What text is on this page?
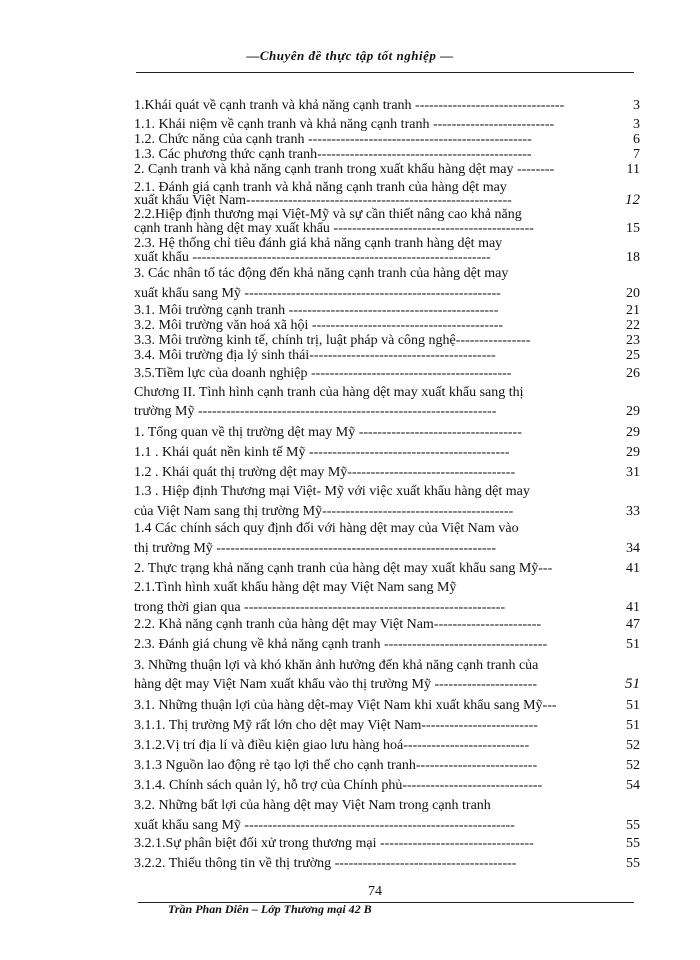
—Chuyên đề thực tập tốt nghiệp —
1.Khái quát về cạnh tranh và khả năng cạnh tranh --------------------------------	3
1.1. Khái niệm về cạnh tranh và khả năng cạnh tranh --------------------------	3
1.2. Chức năng của cạnh tranh ------------------------------------------------	6
1.3. Các phương thức cạnh tranh----------------------------------------------	7
2. Cạnh tranh và khả năng cạnh tranh trong xuất khẩu hàng dệt may --------	11
2.1. Đánh giá cạnh tranh và khả năng cạnh tranh của hàng dệt may
xuất khẩu Việt Nam---------------------------------------------------------	12
2.2.Hiệp định thương mại Việt-Mỹ và sự cần thiết nâng cao khả năng
cạnh tranh hàng dệt may xuất khẩu -------------------------------------------	15
2.3. Hệ thống chỉ tiêu đánh giá khả năng cạnh tranh hàng dệt may
xuất khẩu ----------------------------------------------------------------	18
3. Các nhân tố tác động đến khả năng cạnh tranh của hàng dệt may
xuất khẩu sang Mỹ -------------------------------------------------------	20
3.1. Môi trường cạnh tranh ---------------------------------------------	21
3.2. Môi trường văn hoá xã hội -----------------------------------------	22
3.3. Môi trường kinh tế, chính trị, luật pháp và công nghệ----------------	23
3.4. Môi trường địa lý sinh thái----------------------------------------	25
3.5.Tiềm lực của doanh nghiệp -------------------------------------------	26
Chương II. Tình hình cạnh tranh của hàng dệt may xuất khẩu sang thị
trường Mỹ ----------------------------------------------------------------	29
1. Tổng quan về thị trường dệt may Mỹ -----------------------------------	29
1.1 . Khái quát nền kinh tế Mỹ -------------------------------------------	29
1.2 . Khái quát thị trường dệt may Mỹ------------------------------------	31
1.3 . Hiệp định Thương mại Việt- Mỹ với việc xuất khẩu hàng dệt may
của Việt Nam sang thị trường Mỹ-----------------------------------------	33
1.4 Các chính sách quy định đối với hàng dệt may của Việt Nam vào
thị trường Mỹ ------------------------------------------------------------	34
2. Thực trạng khả năng cạnh tranh của hàng dệt may xuất khẩu sang Mỹ---	41
2.1.Tình hình xuất khẩu hàng dệt may Việt Nam sang Mỹ
trong thời gian qua --------------------------------------------------------	41
2.2. Khả năng cạnh tranh của hàng dệt may Việt Nam-----------------------	47
2.3. Đánh giá chung về khả năng cạnh tranh -----------------------------------	51
3. Những thuận lợi và khó khăn ảnh hưởng đến khả năng cạnh tranh của
hàng dệt may Việt Nam xuất khẩu vào thị trường Mỹ ----------------------	51
3.1. Những thuận lợi của hàng dệt-may Việt Nam khi xuất khẩu sang Mỹ---	51
3.1.1. Thị trường Mỹ rất lớn cho dệt may Việt Nam-------------------------	51
3.1.2.Vị trí địa lí và điều kiện giao lưu hàng hoá---------------------------	52
3.1.3 Nguồn lao động rẻ tạo lợi thế cho cạnh tranh--------------------------	52
3.1.4. Chính sách quản lý, hỗ trợ của Chính phủ------------------------------	54
3.2. Những bất lợi của hàng dệt may Việt Nam trong cạnh tranh
xuất khẩu sang Mỹ ----------------------------------------------------------	55
3.2.1.Sự phân biệt đối xử trong thương mại ---------------------------------	55
3.2.2. Thiếu thông tin về thị trường ---------------------------------------	55
74
Trần Phan Diên – Lớp Thương mại 42 B
